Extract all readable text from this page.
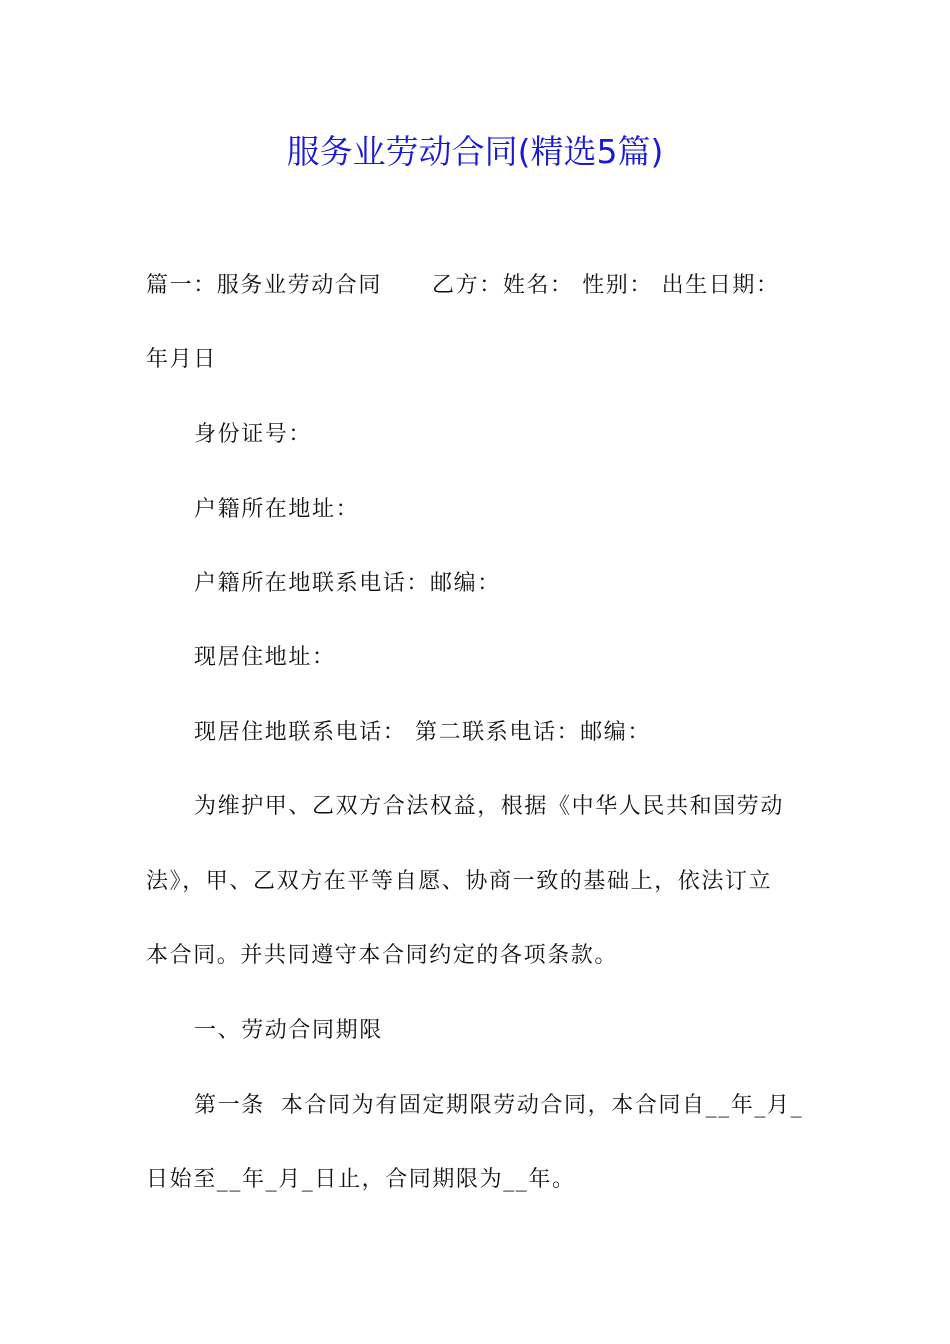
服务业劳动合同(精选5篇)
篇一：服务业劳动合同 乙方：姓名： 性别： 出生日期：
年月日
身份证号：
户籍所在地址：
户籍所在地联系电话：邮编：
现居住地址：
现居住地联系电话： 第二联系电话：邮编：
为维护甲、乙双方合法权益，根据《中华人民共和国劳动
法》，甲、乙双方在平等自愿、协商一致的基础上，依法订立
本合同。并共同遵守本合同约定的各项条款。
一、劳动合同期限
第一条 本合同为有固定期限劳动合同，本合同自__年_月_
日始至__年_月_日止，合同期限为__年。
